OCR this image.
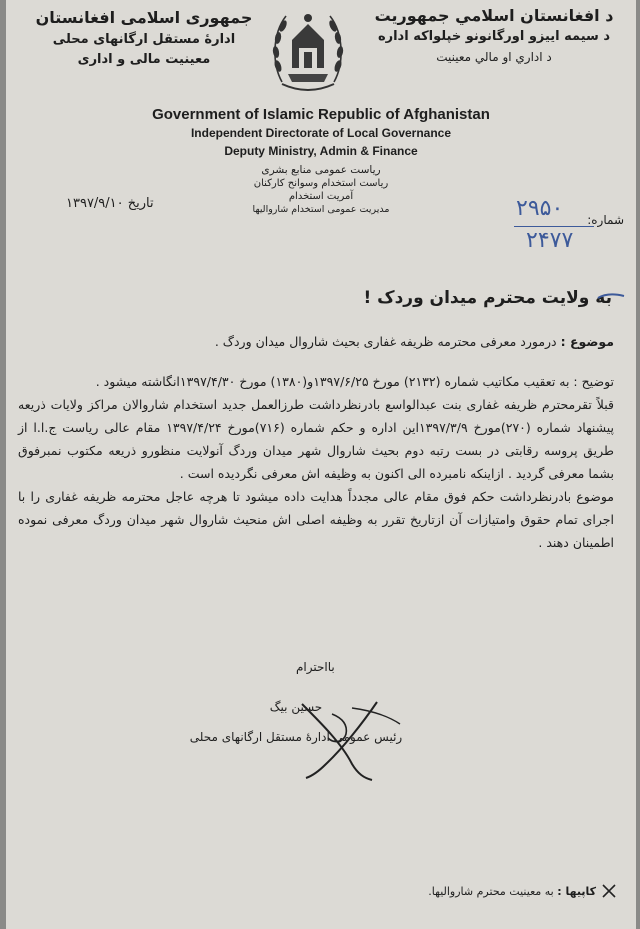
د افغانستان اسلامي جمهوريت
د سيمه اييزو اورگانونو خپلواکه اداره
د اداري او مالي معينيت
جمهوری اسلامی افغانستان
ادارۀ مستقل ارگانهای محلی
معینیت مالی و اداری
Government of Islamic Republic of Afghanistan
Independent Directorate of Local Governance
Deputy Ministry, Admin & Finance
ریاست عمومی منابع بشری
ریاست استخدام وسوانح کارکنان
آمریت استخدام
مدیریت عمومی استخدام شاروالیها
تاریخ ۱۳۹۷/۹/۱۰
شماره:
۲۹۵۰
۲۴۷۷
به ولایت محترم میدان وردک !
موضوع : درمورد معرفی محترمه ظریفه غفاری بحیث شاروال میدان وردگ .

توضیح : به تعقیب مکاتیب شماره (۲۱۳۲) مورخ ۱۳۹۷/۶/۲۵و(۱۳۸۰) مورخ ۱۳۹۷/۴/۳۰انگاشته میشود .

قبلاً تقرمحترم ظریفه غفاری بنت عبدالواسع بادرنظرداشت طرزالعمل جدید استخدام شاروالان مراکز ولایات ذریعه پیشنهاد شماره (۲۷۰)مورخ ۱۳۹۷/۳/۹این اداره و حکم شماره (۷۱۶)مورخ ۱۳۹۷/۴/۲۴ مقام عالی ریاست ج.ا.ا از طریق پروسه رقابتی در بست رتبه دوم بحیث شاروال شهر میدان وردگ آنولایت منظورو ذریعه مکتوب نمبرفوق بشما معرفی گردید . ازاینکه نامبرده الی اکنون به وظیفه اش معرفی نگردیده است .

موضوع بادرنظرداشت حکم فوق مقام عالی مجدداً هدایت داده میشود تا هرچه عاجل محترمه ظریفه غفاری را با اجرای تمام حقوق وامتیازات آن ازتاریخ تقرر به وظیفه اصلی اش منحیث شاروال شهر میدان وردگ معرفی نموده اطمینان دهند .

بااحترام
حسین بیگ
رئیس عمومی ادارۀ مستقل ارگانهای محلی
کاپیها : به معینیت محترم شاروالیها.
